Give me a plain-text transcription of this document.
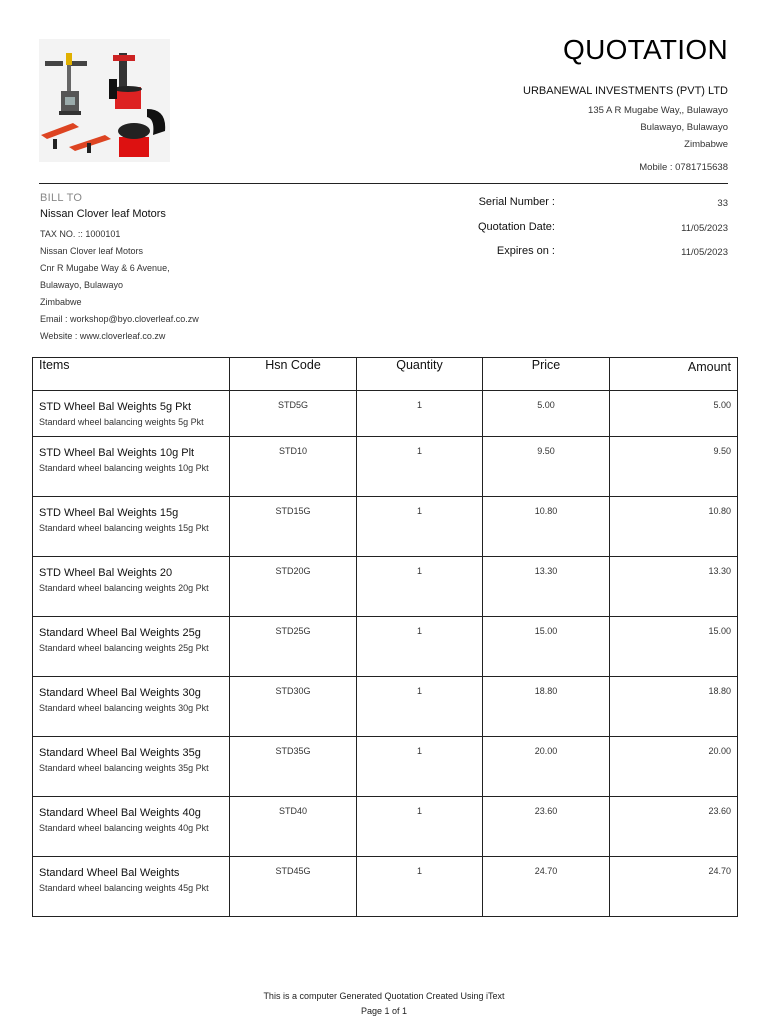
QUOTATION
URBANEWAL INVESTMENTS (PVT) LTD
135 A R Mugabe Way,, Bulawayo
Bulawayo, Bulawayo
Zimbabwe
Mobile : 0781715638
BILL TO
Nissan Clover leaf Motors
TAX NO. :: 1000101
Nissan Clover leaf Motors
Cnr R Mugabe Way & 6 Avenue,
Bulawayo, Bulawayo
Zimbabwe
Email : workshop@byo.cloverleaf.co.zw
Website : www.cloverleaf.co.zw
Serial Number :	33
Quotation Date:	11/05/2023
Expires on :	11/05/2023
Items	Hsn Code	Quantity	Price	Amount

STD Wheel Bal Weights 5g Pkt
Standard wheel balancing weights 5g Pkt	STD5G	1	5.00	5.00

STD Wheel Bal Weights 10g Plt
Standard wheel balancing weights 10g Pkt	STD10	1	9.50	9.50

STD Wheel Bal Weights 15g
Standard wheel balancing weights 15g Pkt	STD15G	1	10.80	10.80

STD Wheel Bal Weights 20
Standard wheel balancing weights 20g Pkt	STD20G	1	13.30	13.30

Standard Wheel Bal Weights 25g
Standard wheel balancing weights 25g Pkt	STD25G	1	15.00	15.00

Standard Wheel Bal Weights 30g
Standard wheel balancing weights 30g Pkt	STD30G	1	18.80	18.80

Standard Wheel Bal Weights 35g
Standard wheel balancing weights 35g Pkt	STD35G	1	20.00	20.00

Standard Wheel Bal Weights 40g
Standard wheel balancing weights 40g Pkt	STD40	1	23.60	23.60

Standard Wheel Bal Weights
Standard wheel balancing weights 45g Pkt	STD45G	1	24.70	24.70
This is a computer Generated Quotation Created Using iText
Page 1 of 1
